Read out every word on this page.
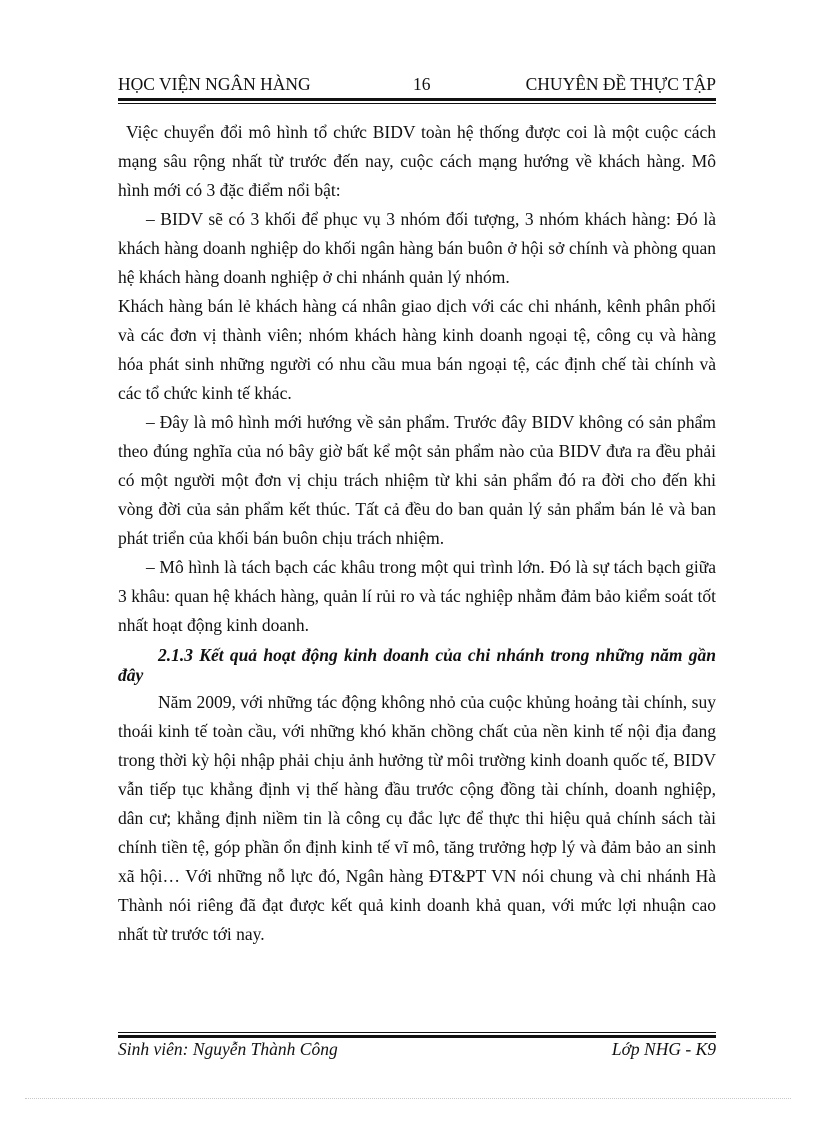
HỌC VIỆN NGÂN HÀNG	16	CHUYÊN ĐỀ THỰC TẬP

Việc chuyển đổi mô hình tổ chức BIDV toàn hệ thống được coi là một cuộc cách mạng sâu rộng nhất từ trước đến nay, cuộc cách mạng hướng về khách hàng. Mô hình mới có 3 đặc điểm nổi bật:

– BIDV sẽ có 3 khối để phục vụ 3 nhóm đối tượng, 3 nhóm khách hàng: Đó là khách hàng doanh nghiệp do khối ngân hàng bán buôn ở hội sở chính và phòng quan hệ khách hàng doanh nghiệp ở chi nhánh quản lý nhóm.

Khách hàng bán lẻ khách hàng cá nhân giao dịch với các chi nhánh, kênh phân phối và các đơn vị thành viên; nhóm khách hàng kinh doanh ngoại tệ, công cụ và hàng hóa phát sinh những người có nhu cầu mua bán ngoại tệ, các định chế tài chính và các tổ chức kinh tế khác.

– Đây là mô hình mới hướng về sản phẩm. Trước đây BIDV không có sản phẩm theo đúng nghĩa của nó bây giờ bất kể một sản phẩm nào của BIDV đưa ra đều phải có một người một đơn vị chịu trách nhiệm từ khi sản phẩm đó ra đời cho đến khi vòng đời của sản phẩm kết thúc. Tất cả đều do ban quản lý sản phẩm bán lẻ và ban phát triển của khối bán buôn chịu trách nhiệm.

– Mô hình là tách bạch các khâu trong một qui trình lớn. Đó là sự tách bạch giữa 3 khâu: quan hệ khách hàng, quản lí rủi ro và tác nghiệp nhằm đảm bảo kiểm soát tốt nhất hoạt động kinh doanh.

2.1.3 Kết quả hoạt động kinh doanh của chi nhánh trong những năm gần đây

Năm 2009, với những tác động không nhỏ của cuộc khủng hoảng tài chính, suy thoái kinh tế toàn cầu, với những khó khăn chồng chất của nền kinh tế nội địa đang trong thời kỳ hội nhập phải chịu ảnh hưởng từ môi trường kinh doanh quốc tế, BIDV vẫn tiếp tục khẳng định vị thế hàng đầu trước cộng đồng tài chính, doanh nghiệp, dân cư; khẳng định niềm tin là công cụ đắc lực để thực thi hiệu quả chính sách tài chính tiền tệ, góp phần ổn định kinh tế vĩ mô, tăng trưởng hợp lý và đảm bảo an sinh xã hội… Với những nỗ lực đó, Ngân hàng ĐT&PT VN nói chung và chi nhánh Hà Thành nói riêng đã đạt được kết quả kinh doanh khả quan, với mức lợi nhuận cao nhất từ trước tới nay.

Sinh viên: Nguyễn Thành Công	Lớp NHG - K9
